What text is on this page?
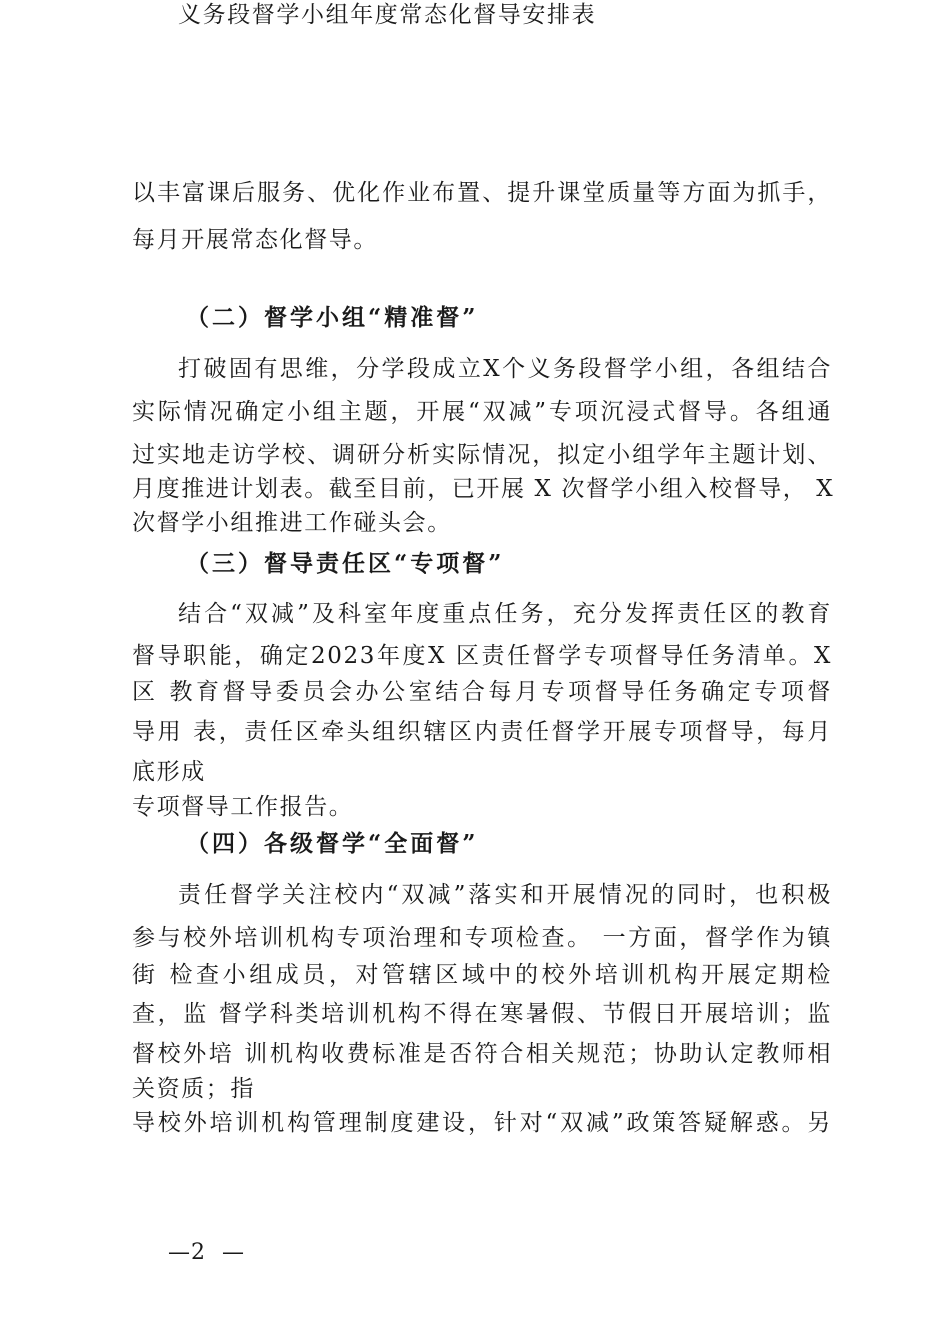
以丰富课后服务、优化作业布置、提升课堂质量等方面为抓手，
每月开展常态化督导。
义务段督学小组年度常态化督导安排表
（二）督学小组“精准督”
打破固有思维，分学段成立X个义务段督学小组，各组结合
实际情况确定小组主题，开展“双减”专项沉浸式督导。各组通
过实地走访学校、调研分析实际情况，拟定小组学年主题计划、
月度推进计划表。截至目前，已开展 X 次督学小组入校督导， X
次督学小组推进工作碰头会。
（三）督导责任区“专项督”
结合“双减”及科室年度重点任务，充分发挥责任区的教育
督导职能，确定2023年度X 区责任督学专项督导任务清单。X
区 教育督导委员会办公室结合每月专项督导任务确定专项督
导用 表，责任区牵头组织辖区内责任督学开展专项督导，每月
底形成
专项督导工作报告。
（四）各级督学“全面督”
责任督学关注校内“双减”落实和开展情况的同时，也积极
参与校外培训机构专项治理和专项检查。 一方面，督学作为镇
街 检查小组成员，对管辖区域中的校外培训机构开展定期检
查，监 督学科类培训机构不得在寒暑假、节假日开展培训；监
督校外培 训机构收费标准是否符合相关规范；协助认定教师相
关资质；指
导校外培训机构管理制度建设，针对“双减”政策答疑解惑。另
—2  —
